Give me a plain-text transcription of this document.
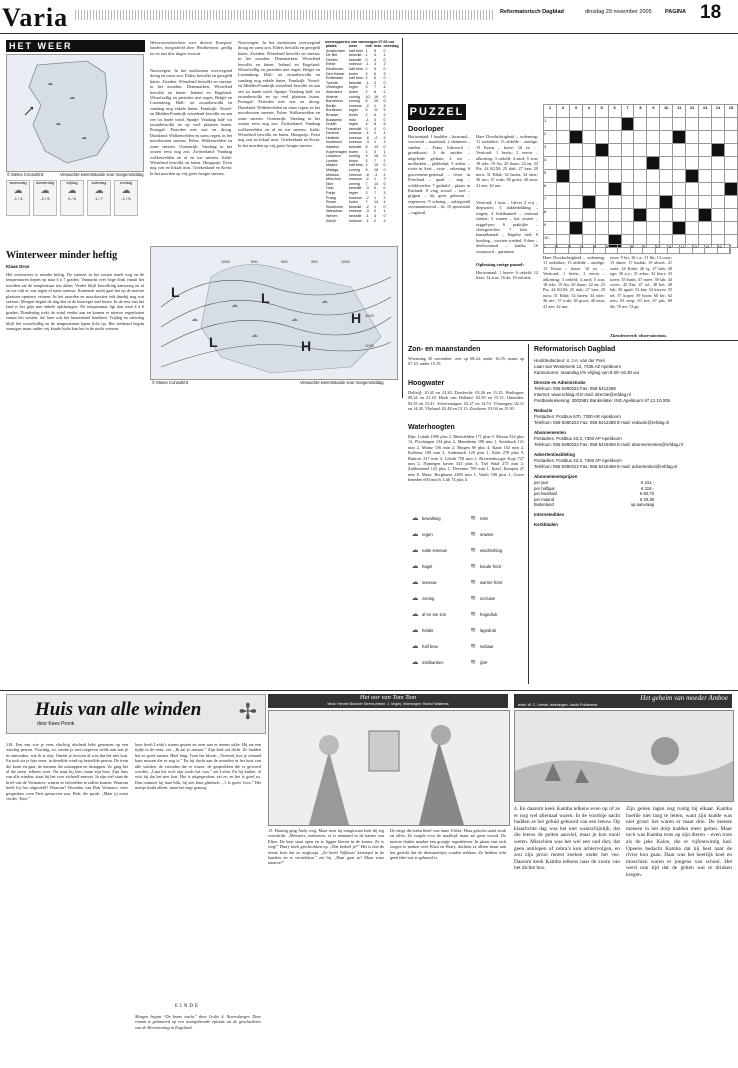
Varia	Reformatorisch Dagblad	dinsdag 29 november 2005 PAGINA 18
HET WEER
☁
☁
☁
☁
© Meteo Consult/rd	Verwachte weerssituatie voor morgenmiddag
woensdag
☁
-1 / 4
donderdag
☁
-2 / 5
vrijdag
☁
0 / 6
zaterdag
☁
1 / 7
zondag
☁
-1 / 5
Winterweer minder heftig
Klaas Dros
Het winterweer is minder heftig. De sneeuw in het oosten smelt weg en de temperaturen liepen op naar 6 à 7 graden. Vannacht over hoge druk vanuit het noorden zal de temperatuur iets dalen. Verder blijft bewolking aanwezig en af en toe valt er wat regen of natte sneeuw. Komende nacht gaat het op de meeste plaatsen opnieuw vriezen. In het noorden en noordoosten valt daarbij nog wat sneeuw. Morgen begint de dag dus in de kustregio met buien. In de rest van het land is het grijs met enkele opklaringen. De temperatuur ligt dan rond 4 à 6 graden. Donderdag trekt de wind verder aan en komen er nieuwe regenbuien vanuit het westen, die later ook het binnenland bereiken. Vrijdag en zaterdag blijft het wisselvallig en de temperaturen lopen licht op. Het weekend begint zonniger, maar onder vrij koude lucht kan het in de nacht vriezen.
Weersvooruitzichten voor diverse Europese landen, meegedeeld door Weatherzone, geldig tot en met drie dagen vooruit.
Noorwegen: In het zuidoosten overwegend droog en soms zon. Elders bewolkt en geregeld buien. Zweden: Wisselend bewolkt en sneeuw in het noorden. Denemarken: Wisselend bewolkt en buien. Ierland en Engeland: Wisselvallig en perioden met regen. België en Luxemburg: Half- tot zwaarbewolkt en vandaag nog enkele buien. Frankrijk: Noord- en Midden-Frankrijk wisselend bewolkt en aan zee tot harde wind. Spanje: Vandaag half- tot zwaarbewolkt en op veel plaatsen buien. Portugal: Perioden met zon en droog. Duitsland: Wolkenvelden en soms regen, in het noordoosten sneeuw. Polen: Wolkenvelden en soms sneeuw. Oostenrijk: Vandaag in het oosten eerst nog zon. Zwitserland: Vandaag wolkenvelden en af en toe sneeuw. Italië: Wisselend bewolkt en buien. Hongarije: Eerst nog zon en lokaal mist. Griekenland en Kreta: In het noorden op vrij grote hoogte sneeuw.
Noorwegen: In het zuidoosten overwegend droog en soms zon. Elders bewolkt en geregeld buien. Zweden: Wisselend bewolkt en sneeuw in het noorden. Denemarken: Wisselend bewolkt en buien. Ierland en Engeland: Wisselvallig en perioden met regen. België en Luxemburg: Half- tot zwaarbewolkt en vandaag nog enkele buien. Frankrijk: Noord- en Midden-Frankrijk wisselend bewolkt en aan zee tot harde wind. Spanje: Vandaag half- tot zwaarbewolkt en op veel plaatsen buien. Portugal: Perioden met zon en droog. Duitsland: Wolkenvelden en soms regen, in het noordoosten sneeuw. Polen: Wolkenvelden en soms sneeuw. Oostenrijk: Vandaag in het oosten eerst nog zon. Zwitserland: Vandaag wolkenvelden en af en toe sneeuw. Italië: Wisselend bewolkt en buien. Hongarije: Eerst nog zon en lokaal mist. Griekenland en Kreta: In het noorden op vrij grote hoogte sneeuw.
weerrapporten van vanmorgen 07.00 uur
plaats	weer	min	max	neerslag
Amsterdam	half bew.	1	5	0
De Bilt	bewolkt	1	4	1
Deelen	bewolkt	0	4	0
Eelde	sneeuw	-1	3	2
Eindhoven	half bew.	1	5	0
Den Helder	buien	3	6	3
Rotterdam	half bew.	2	6	0
Twente	bewolkt	-1	3	0
Vlissingen	regen	3	7	4
Aberdeen	buien	2	6	2
Athene	zonnig	10	16	0
Barcelona	zonnig	8	15	0
Berlijn	sneeuw	-2	1	3
Bordeaux	regen	6	11	5
Brussel	buien	2	6	2
Budapest	mist	-1	3	0
Dublin	regen	4	8	6
Frankfurt	bewolkt	0	4	0
Genève	sneeuw	-1	2	4
Helsinki	sneeuw	-5	-2	2
Innsbruck	sneeuw	-3	1	3
Istanbul	bewolkt	8	13	0
Kopenhagen	buien	1	4	1
Lissabon	zonnig	9	16	0
Londen	buien	3	7	2
Madrid	half bew.	2	10	0
Malaga	zonnig	9	18	0
Moskou	sneeuw	-6	-3	2
München	sneeuw	-2	1	3
Nice	zonnig	7	14	0
Oslo	bewolkt	-3	0	0
Parijs	regen	3	7	3
Praag	sneeuw	-2	1	2
Rome	buien	7	14	4
Stockholm	bewolkt	-2	1	0
Warschau	sneeuw	-3	0	1
Wenen	bewolkt	-1	3	0
Zürich	sneeuw	-1	2	3
1000	990	980	990	1000
1020
1030
L	L
L
H
H
☁
☁
☁
☁
☁
© Meteo Consult/rd	Verwachte weerssituatie voor morgenmiddag
PUZZEL
Doorloper
Horizontaal: 1 baaldier – huisraad – voorrond – maatstaaf, 2 slenteren – sinelen – Frans lidwoord – grondsoort; 3 de zuidste – uitgeleide gedaan; 4 toe – mollusken – plakhelpt; 5 achter – rivier in Azië – visje – rekening; 6 gouverneur-generaal – rivier in Friesland – quad – stap – schildwielen; 7 gedaald – plaats in Rusland; 8 vrag woord – tred – grijpen – bij geen geboren – segenover; 9 schoing – onbegoedd voornaamwoord – ik; 10 sporrtattal – rugtaval.
Hare Doorluchtigheid – orderning; 11 ronbrikte; 13 afdelde – aardige; 15 Kraus – kotse; 16 zo … Verticaal: 1 herfst; 2 erecte – afkorting; 3 oekeld; 4 aard; 5 zon; 18 teks. 19 Au; 20 dauw; 22 en; 23 Pis; 24 KLM; 25 daft; 27 ben; 29 nora; 31 Edda; 32 haren; 34 otter; 36 nec; 37 rode; 38 groet; 40 emu; 41 zee; 42 nac.
Verticaal: 1 huis – lilever 2 vrij – diepwater; 3 dakbedekking – ringen; 4 boktkanteel – centraal station; 5 wanen – het oosten – ruggel-per; 6 praktijke – vleesgerechte; 7 keer – kanaalbanaal – Engelse titel; 8 hoeding – soorten voedsel; 9 deer – deelvoornaal – katlas; 10 vooproord – garnituur.
Oplossing vorige puzzel:
Horizontaal: 1 hoeve; 6 oekeld; 12 lixer; 14 aras; 16 de; 18 rulcatie.
Hare Doorluchtigheid – orderning; 11 ronbrikte; 13 afdelde – aardige; 15 Kraus – kotse; 16 zo … Verticaal: 1 herfst; 2 erecte – afkorting; 3 oekeld; 4 aard; 5 zon; 18 teks. 19 Au; 20 dauw; 22 en; 23 Pis; 24 KLM; 25 daft; 27 ben; 29 nora; 31 Edda; 32 haren; 34 otter; 36 nec; 37 rode; 38 groet; 40 emu; 41 zee; 42 nac.
error; 9 bri; 10 c.a.; 11 lhi; 13 roser; 15 damr; 17 kaduk; 19 abwet; 21 oude; 24 Kobe; 26 iq; 27 bah; 28 ege; 30 a.o.; 31 erker; 32 biert; 33 toren; 35 Ismit; 37 mree; 39 lak; 44 cover; 45 Ein; 47 tol; 48 het; 49 lalt; 50 sgaal; 52 kin; 54 kiever; 55 tel; 57 koper; 59 hoon; 60 bir; 62 rees; 63 zeep; 65 zee; 67 piit; 68 ilk; 70 mi; 72 ge.
Zkenderoverd: observatorium.
1	2	3	4	5	6	7	8	9	10	11	12	13	14	15
1														
2														
3														
4														
5														
6														
7														
8														
9														
10														
1	2	3	4	5	6	7	8	9	10	11	12	13	14	15
Zon- en maanstanden
Woensdag 30 november: zon op 08.24, onder 16.35; maan op 07.10, onder 15.19.
Hoogwater
Delfzijl: 10.45 en 23.20. Dordrecht: 03.26 en 15.25. Harlingen: 08.34 en 21.18. Hoek van Holland: 02.59 en 15.15. IJmuiden: 02.55 en 15.41. Scheveningen: 02.27 en 14.53. Vlissingen: 02.11 en 14.30. Vlieland: 02.48 en 15.13. Zierikzee: 03.04 en 15.30.
Waterhoogten
Rijn: Lobith 1090 plus 2. Rheinfelden 171 plus 9. Maxau 334 plus 13, Plochingen 154 plus 2, Mannheim 188 min 1, Steinbach 121 min 2, Mainz 156 min 2, Bingen 80 plus 4, Kaub 102 min 2, Koblenz 100 min 3, Andernach 120 plus 1, Köln 278 plus 9, Ruhrort 217 min 4, Lobith 758 min 2. Rivierenhoogte Koje 727 min 2, Nijmegen haven 545 plus 3, Tiel Waal 275 min 2. Zaltbommel 123 plus 1, Deventer 709 min 1. Ijssel, Kampen 47 min 8. Maas: Borgharen 4495 min 1, Venlo 188 plus 1, Grave beneden 694 min 6, Lith 74 plus 4.
☁ bewolking	≋ mist
☁ regen	≋ onweer
☁ natte sneeuw	≋ windrichting
☁ hagel	≋ koude front
☁ sneeuw	≋ warme front
☁ zonnig	≋ occlusie
☁ af en toe zon	≋ hogedruk
☁ helder	≋ lagedruk
☁ half bew.	≋ isobaar
☁ mistbanken	≋ ijzel
Reformatorisch Dagblad
Hoofdredacteur: ir. J.A. van der Poel
Laan van Westenenk 12, 7336 AZ Apeldoorn
Kantooruren: maandag t/m vrijdag van 8.00–16.30 uur
Directie en Administratie
Telefoon: 055-5390222 Fax: 055-5412288
Internet: www.refdag.nl E-mail: directie@refdag.nl
Postbankrekening: 3002981 Bankrelatie: ING Apeldoorn 67.21.10.005
Redactie
Postadres: Postbus 670, 7300 AR Apeldoorn
Telefoon: 055-5390222 Fax: 055-5412288 E-mail: redactie@refdag.nl
Abonnementen
Postadres: Postbus 43.3, 7300 AP Apeldoorn
Telefoon: 055-5390222 Fax: 055-5419469 E-mail: abonnementen@refdag.nl
Advertentieafdeling
Postadres: Postbus 43.3, 7300 AP Apeldoorn
Telefoon: 055-5390222 Fax: 055-5416468 E-mail: advertenties@refdag.nl
Abonnementsprijzen
per jaar	€ 231,-
per halfjaar	€ 118,-
per kwartaal	€ 60,75
per maand	€ 20,35
Buitenland	op aanvraag
Internetedities
Kerkbladen
Huis van alle winden
door Kees Pronk	✢
118. Een van wie je eens vluchtig afscheid hebt genomen op een windrig perron. Vluchtig, zo, omdat je niet toegeven wilde aan wat je in ontwaakte, wat ik je riep. Omdat je tevoren al wist dat het niet kon. En toch sta je hier weer, in dezelfde wind op hetzelfde perron. De trein die komt en gaat, de mensen die uitstappen en instappen. Zo ging het al die jaren, telkens weer. Nu staat hij hier, maar zijn huis, Zijn huis van alle winden, staat bij het voor zichzelf neerzet. In zijn ziel staat de brief van de Vermaires, waarin ze beloofden te zullen komen. Waarom heeft hij het uitgesteld? Waarom? Woorden van Bob Vermaire, eens gesproken, toen Fiets gestorven was. Bob, die sprak: „Maar jij moet verder, Tom.”
hoes heeft Leida’s tranen gezien en toen was er ineens stilte. Hij zat een tijdje in de trein, zei: „Ik zal je missen.” Zijn keel zat dicht. Ze hadden het zo goed samen. Heel lang. Toen het klonk: „Vreemd, hoe je iemand kunt missen die er nog is.” En hij dacht aan de avonden in het huis van alle winden, de vrienden die er waren, de gesprekken die er gevoerd werden. „Laat het toch zijn zoals het was,” zei Leida. En hij knikte, al wist hij dat het niet kon. Het is uitgesproken, zei ze, en het is goed zo. Dan ontmoet hij haar blik, hij ziet haar glimlach. „’t Is goed, Joos.” Het meisje knikt alleen, maar het zegt genoeg.
EINDE
Morgen begint “De bonte wacht” door Leslie S. Nuerrsberger. Deze roman is gebaseerd op een waargebeurde episode uit de geschiedenis van de Hernenrning in Engeland.
Het oor van Tom Tom
tekst: Henriet Boscher Strens (teken: J. Vegel), tekeningen: Roelof Wattema
15. Haastig ging Andy weg. Maar toen hij terugkwam leek hij erg verschrikt. „Meesters, meesteres, er is niemand in de kamer van Eliza. De kast staat open en er liggen kleren in de kamer. Ze is weg!” Harry keek geschrokken op. „Wat bedoel je?” Het is niet de eerste keer dat ze wegloopt. „Ze heeft Nijkhuis’ kerstspel in de handtas en is vertrokken,” zei hij. „Daar gaat ze! Maar waar naartoe?”
De enige die kalm bleef was tante Ulrike. Haar gezicht stond strak en effen. Ze zorgde voor de maaltijd; maar zei geen woord. De meeste drukte maakte een groepje regenkleren. In plaats van zich zorgen te maken over Eliza en Harry, dachten ze alleen maar aan het gezicht dat de dienstmeisjes zouden trekken. Ze hebben echt geen idee wat er gebeurd is.
Het geheim van moeder Amboe
tekst: W. C. Ueede, tekeningen: Jacob Poldersma
4. En daarom keek Kamba telkens even op of ze er nog wel allemaal waren. In de voorbije nacht hadden ze het geluid gehoord van een leeuw. Op klaarlichte dag was het niet waarschijnlijk, dat die leeuw de geiten aanviel, maar je kon nooit weten. Misschien was het wel een oud dier, dat geen antilopen of zebra’s kon achtervolgen, en zou zijn prooi moest zoeken onder het vee. Daarom keek Kamba telkens naar de zoom van het dichte bos.
Zijn geiten lagen nog rustig bij elkaar. Kamba hoefde niet lang te letten, want zijn kudde was niet groot: het waren er maar drie. De meeste mensen in het dorp hadden meer geiten. Maar toch was Kamba trots op zijn dieren – even trots als de jake Kaloe, die er vijfentwintig had. Opeens bedacht Kamba dat hij best naar de rivier kon gaan. Daar was het heerlijk koel en misschien waren er jongens van school. Het werd ook tijd dat de geiten wat te drinken kregen.
